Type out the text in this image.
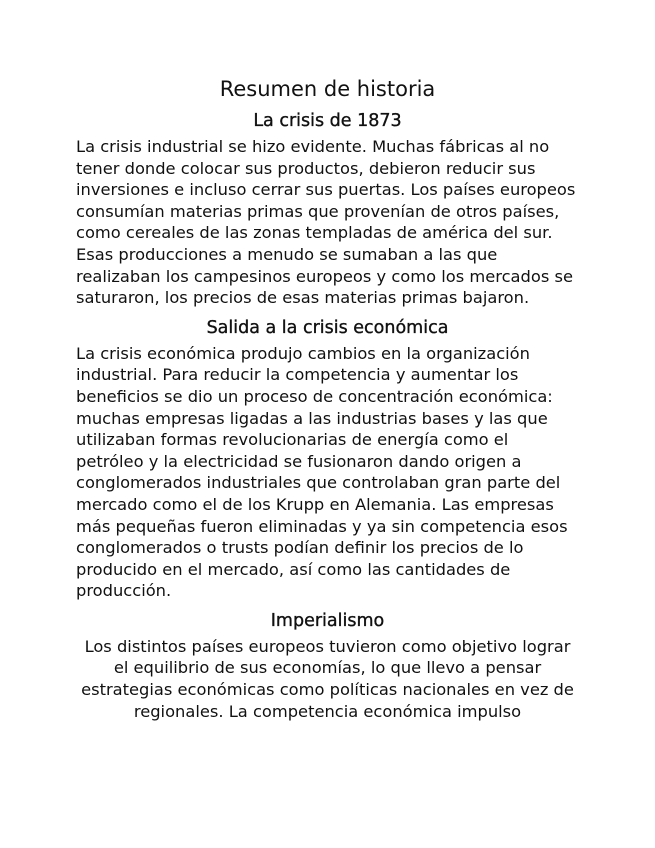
Resumen de historia
La crisis de 1873

La crisis industrial se hizo evidente. Muchas fábricas al no tener donde colocar sus productos, debieron reducir sus inversiones e incluso cerrar sus puertas. Los países europeos consumían materias primas que provenían de otros países, como cereales de las zonas templadas de américa del sur. Esas producciones a menudo se sumaban a las que realizaban los campesinos europeos y como los mercados se saturaron, los precios de esas materias primas bajaron.

Salida a la crisis económica

La crisis económica produjo cambios en la organización industrial. Para reducir la competencia y aumentar los beneficios se dio un proceso de concentración económica: muchas empresas ligadas a las industrias bases y las que utilizaban formas revolucionarias de energía como el petróleo y la electricidad se fusionaron dando origen a conglomerados industriales que controlaban gran parte del mercado como el de los Krupp en Alemania. Las empresas más pequeñas fueron eliminadas y ya sin competencia esos conglomerados o trusts podían definir los precios de lo producido en el mercado, así como las cantidades de producción.

Imperialismo

Los distintos países europeos tuvieron como objetivo lograr el equilibrio de sus economías, lo que llevo a pensar estrategias económicas como políticas nacionales en vez de regionales. La competencia económica impulso
